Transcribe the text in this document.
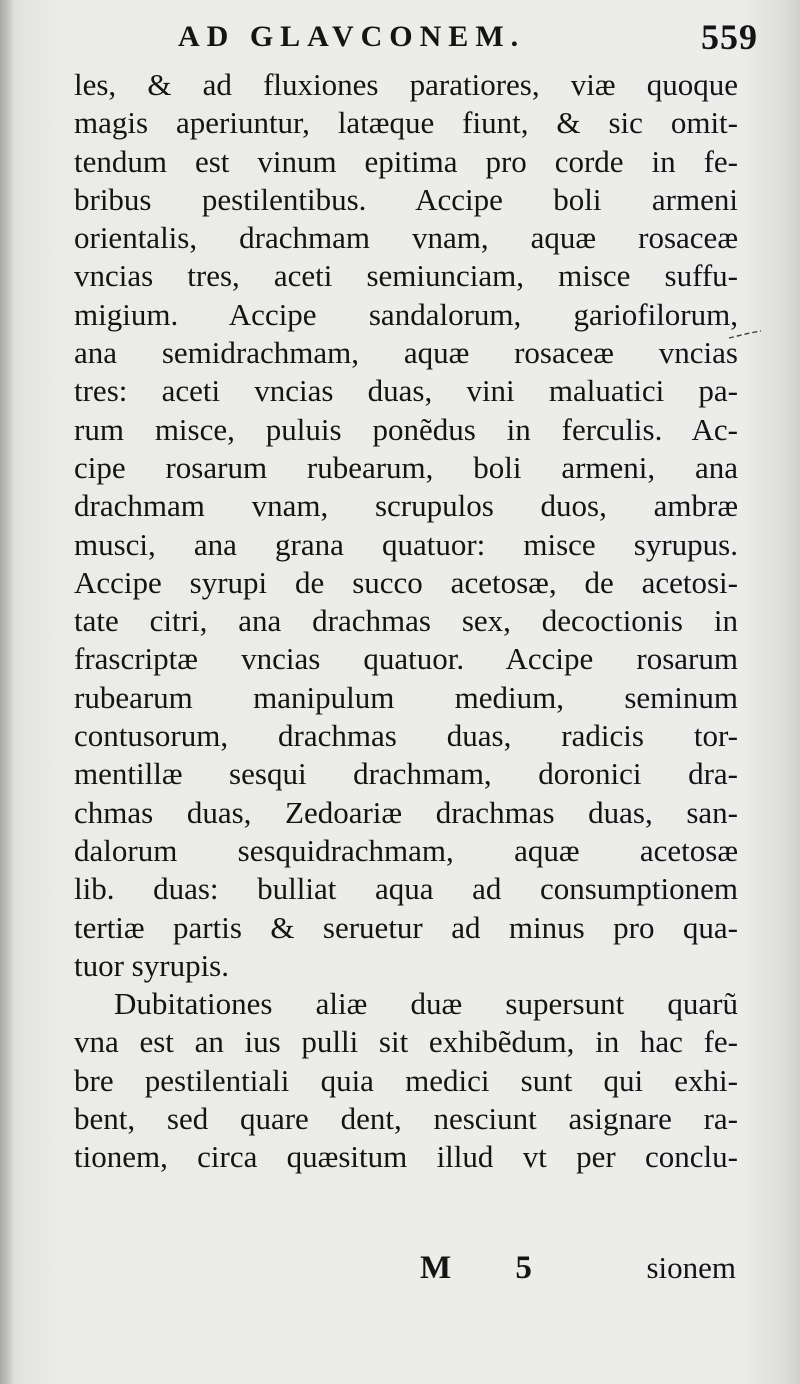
AD GLAVCONEM.	559
les, & ad fluxiones paratiores, viæ quoque
magis aperiuntur, latæque fiunt, & sic omit-
tendum est vinum epitima pro corde in fe-
bribus pestilentibus. Accipe boli armeni
orientalis, drachmam vnam, aquæ rosaceæ
vncias tres, aceti semiunciam, misce suffu-
migium. Accipe sandalorum, gariofilorum,
ana semidrachmam, aquæ rosaceæ vncias
tres: aceti vncias duas, vini maluatici pa-
rum misce, puluis ponẽdus in ferculis. Ac-
cipe rosarum rubearum, boli armeni, ana
drachmam vnam, scrupulos duos, ambræ
musci, ana grana quatuor: misce syrupus.
Accipe syrupi de succo acetosæ, de acetosi-
tate citri, ana drachmas sex, decoctionis in
frascriptæ vncias quatuor. Accipe rosarum
rubearum manipulum medium, seminum
contusorum, drachmas duas, radicis tor-
mentillæ sesqui drachmam, doronici dra-
chmas duas, Zedoariæ drachmas duas, san-
dalorum sesquidrachmam, aquæ acetosæ
lib. duas: bulliat aqua ad consumptionem
tertiæ partis & seruetur ad minus pro qua-
tuor syrupis.
Dubitationes aliæ duæ supersunt quarũ
vna est an ius pulli sit exhibẽdum, in hac fe-
bre pestilentiali quia medici sunt qui exhi-
bent, sed quare dent, nesciunt asignare ra-
tionem, circa quæsitum illud vt per conclu-
M 5	sionem
